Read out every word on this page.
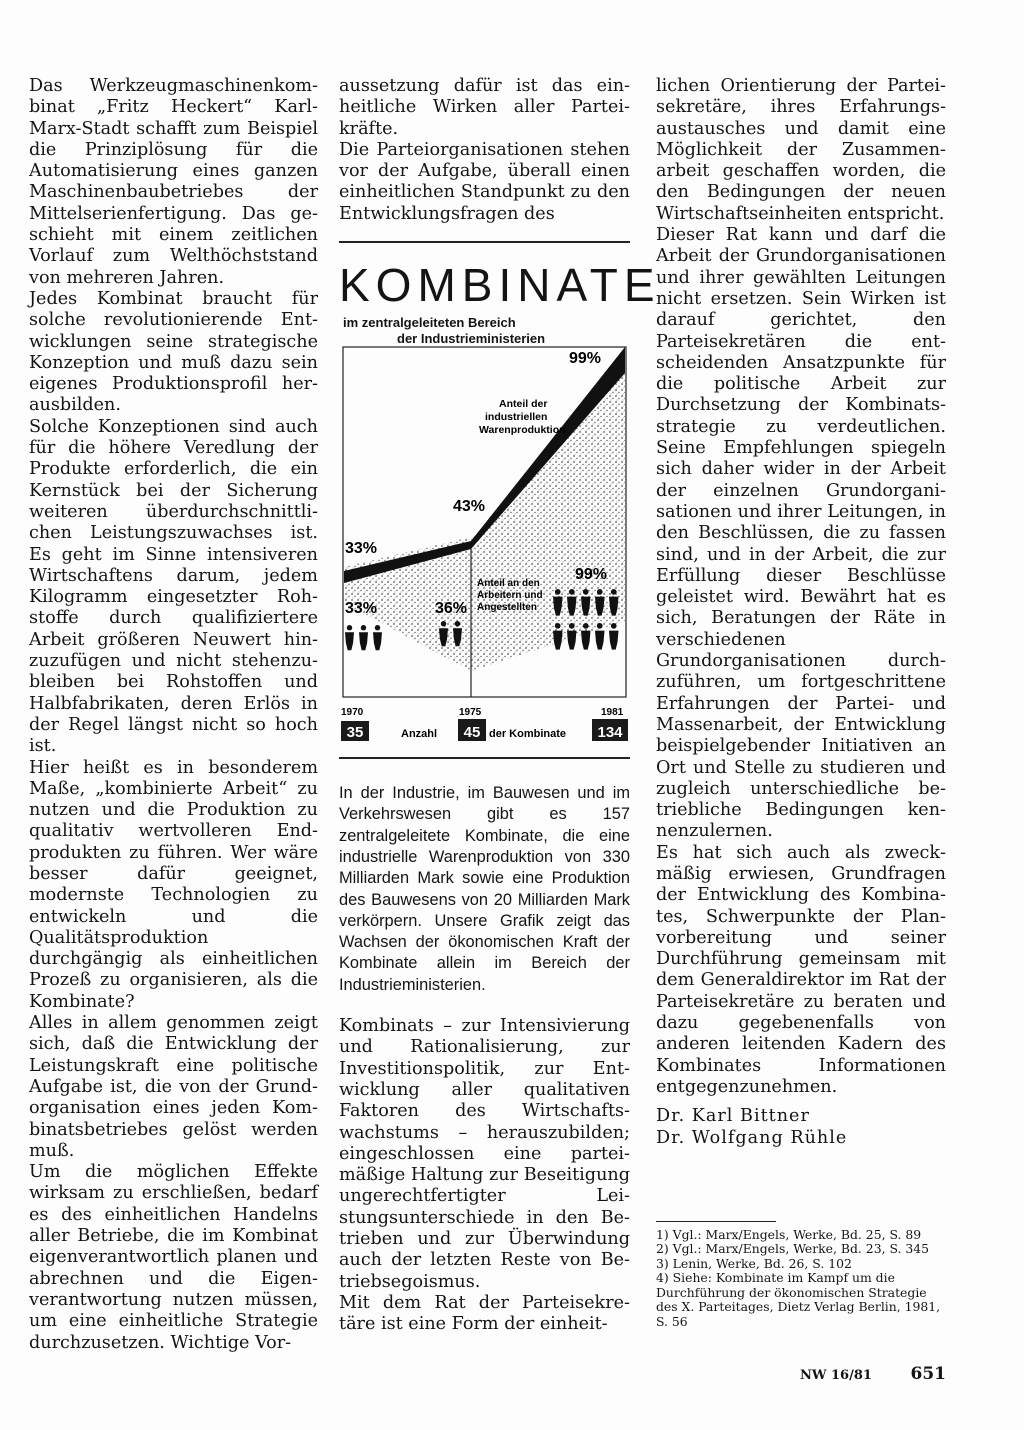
Das Werkzeugmaschinenkombinat „Fritz Heckert“ Karl-Marx-Stadt schafft zum Beispiel die Prinziplösung für die Automatisierung eines ganzen Maschinenbaubetriebes der Mittelserienfertigung. Das geschieht mit einem zeitlichen Vorlauf zum Welthöchststand von mehreren Jahren.

Jedes Kombinat braucht für solche revolutionierende Entwicklungen seine strategische Konzeption und muß dazu sein eigenes Produktionsprofil herausbilden.

Solche Konzeptionen sind auch für die höhere Veredlung der Produkte erforderlich, die ein Kernstück bei der Sicherung weiteren überdurchschnittlichen Leistungszuwachses ist. Es geht im Sinne intensiveren Wirtschaftens darum, jedem Kilogramm eingesetzter Rohstoffe durch qualifiziertere Arbeit größeren Neuwert hinzuzufügen und nicht stehenzubleiben bei Rohstoffen und Halbfabrikaten, deren Erlös in der Regel längst nicht so hoch ist.

Hier heißt es in besonderem Maße, „kombinierte Arbeit“ zu nutzen und die Produktion zu qualitativ wertvolleren Endprodukten zu führen. Wer wäre besser dafür geeignet, modernste Technologien zu entwickeln und die Qualitätsproduktion durchgängig als einheitlichen Prozeß zu organisieren, als die Kombinate?

Alles in allem genommen zeigt sich, daß die Entwicklung der Leistungskraft eine politische Aufgabe ist, die von der Grundorganisation eines jeden Kombinatsbetriebes gelöst werden muß.

Um die möglichen Effekte wirksam zu erschließen, bedarf es des einheitlichen Handelns aller Betriebe, die im Kombinat eigenverantwortlich planen und abrechnen und die Eigenverantwortung nutzen müssen, um eine einheitliche Strategie durchzusetzen. Wichtige Vor-

aussetzung dafür ist das einheitliche Wirken aller Parteikräfte.

Die Parteiorganisationen stehen vor der Aufgabe, überall einen einheitlichen Standpunkt zu den Entwicklungsfragen des

KOMBINATE
im zentralgeleiteten Bereich
der Industrieministerien
33%
43%
99%
Anteil der
industriellen
Warenproduktion
33%	36%
99%
Anteil an den
Arbeitern und
Angestellten
1970	1975	1981
35	Anzahl 45 der Kombinate 134
In der Industrie, im Bauwesen und im Verkehrswesen gibt es 157 zentralgeleitete Kombinate, die eine industrielle Warenproduktion von 330 Milliarden Mark sowie eine Produktion des Bauwesens von 20 Milliarden Mark verkörpern. Unsere Grafik zeigt das Wachsen der ökonomischen Kraft der Kombinate allein im Bereich der Industrieministerien.

Kombinats – zur Intensivierung und Rationalisierung, zur Investitionspolitik, zur Entwicklung aller qualitativen Faktoren des Wirtschaftswachstums – herauszubilden; eingeschlossen eine parteimäßige Haltung zur Beseitigung ungerechtfertigter Leistungsunterschiede in den Betrieben und zur Überwindung auch der letzten Reste von Betriebsegoismus.

Mit dem Rat der Parteisekretäre ist eine Form der einheit-

lichen Orientierung der Parteisekretäre, ihres Erfahrungsaustausches und damit eine Möglichkeit der Zusammenarbeit geschaffen worden, die den Bedingungen der neuen Wirtschaftseinheiten entspricht.

Dieser Rat kann und darf die Arbeit der Grundorganisationen und ihrer gewählten Leitungen nicht ersetzen. Sein Wirken ist darauf gerichtet, den Parteisekretären die entscheidenden Ansatzpunkte für die politische Arbeit zur Durchsetzung der Kombinatsstrategie zu verdeutlichen. Seine Empfehlungen spiegeln sich daher wider in der Arbeit der einzelnen Grundorganisationen und ihrer Leitungen, in den Beschlüssen, die zu fassen sind, und in der Arbeit, die zur Erfüllung dieser Beschlüsse geleistet wird. Bewährt hat es sich, Beratungen der Räte in verschiedenen Grundorganisationen durchzuführen, um fortgeschrittene Erfahrungen der Partei- und Massenarbeit, der Entwicklung beispielgebender Initiativen an Ort und Stelle zu studieren und zugleich unterschiedliche betriebliche Bedingungen kennenzulernen.

Es hat sich auch als zweckmäßig erwiesen, Grundfragen der Entwicklung des Kombinates, Schwerpunkte der Planvorbereitung und seiner Durchführung gemeinsam mit dem Generaldirektor im Rat der Parteisekretäre zu beraten und dazu gegebenenfalls von anderen leitenden Kadern des Kombinates Informationen entgegenzunehmen.

Dr. Karl Bittner

Dr. Wolfgang Rühle

1) Vgl.: Marx/Engels, Werke, Bd. 25, S. 89
2) Vgl.: Marx/Engels, Werke, Bd. 23, S. 345
3) Lenin, Werke, Bd. 26, S. 102
4) Siehe: Kombinate im Kampf um die Durchführung der ökonomischen Strategie des X. Parteitages, Dietz Verlag Berlin, 1981, S. 56
NW 16/81 651
